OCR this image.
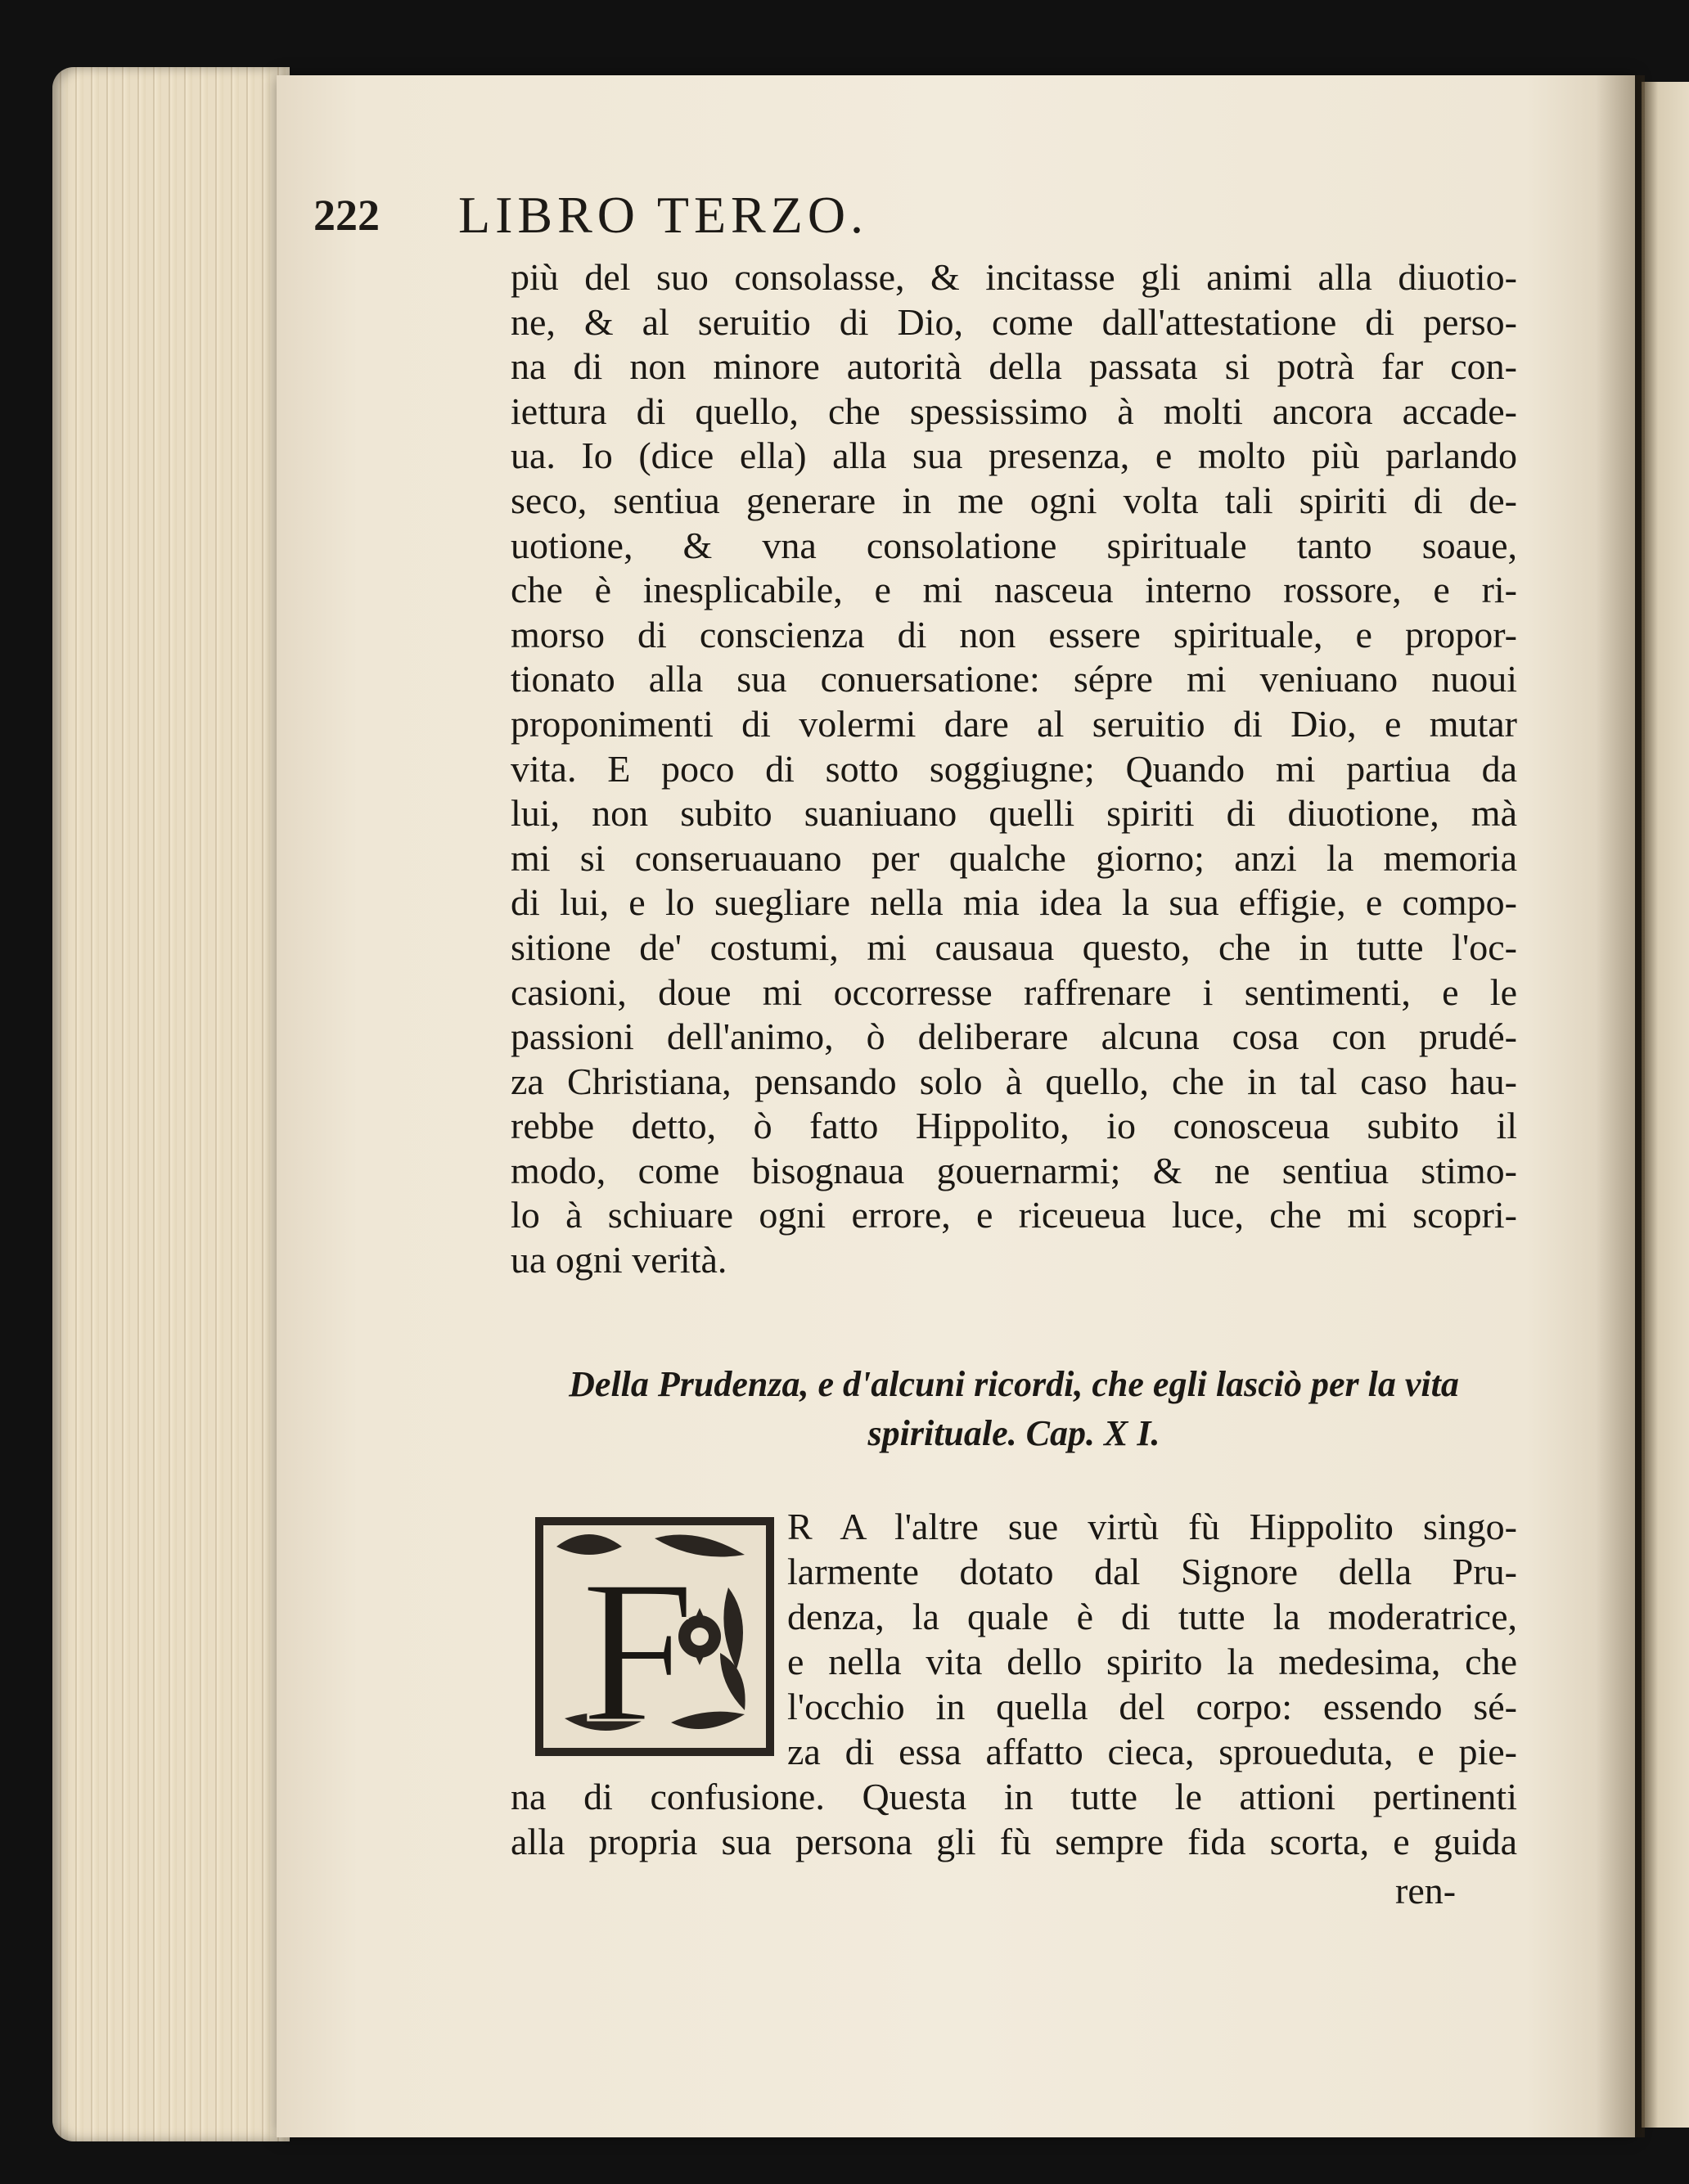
222 LIBRO TERZO.
più del suo consolasse, & incitasse gli animi alla diuotio-
ne, & al seruitio di Dio, come dall'attestatione di perso-
na di non minore autorità della passata si potrà far con-
iettura di quello, che spessissimo à molti ancora accade-
ua. Io (dice ella) alla sua presenza, e molto più parlando
seco, sentiua generare in me ogni volta tali spiriti di de-
uotione, & vna consolatione spirituale tanto soaue,
che è inesplicabile, e mi nasceua interno rossore, e ri-
morso di conscienza di non essere spirituale, e propor-
tionato alla sua conuersatione: sépre mi veniuano nuoui
proponimenti di volermi dare al seruitio di Dio, e mutar
vita. E poco di sotto soggiugne; Quando mi partiua da
lui, non subito suaniuano quelli spiriti di diuotione, mà
mi si conseruauano per qualche giorno; anzi la memoria
di lui, e lo suegliare nella mia idea la sua effigie, e compo-
sitione de' costumi, mi causaua questo, che in tutte l'oc-
casioni, doue mi occorresse raffrenare i sentimenti, e le
passioni dell'animo, ò deliberare alcuna cosa con prudé-
za Christiana, pensando solo à quello, che in tal caso hau-
rebbe detto, ò fatto Hippolito, io conosceua subito il
modo, come bisognaua gouernarmi; & ne sentiua stimo-
lo à schiuare ogni errore, e riceueua luce, che mi scopri-
ua ogni verità.
Della Prudenza, e d'alcuni ricordi, che egli lasciò per la vita
spirituale. Cap. X I.
F
R A l'altre sue virtù fù Hippolito singo-
larmente dotato dal Signore della Pru-
denza, la quale è di tutte la moderatrice,
e nella vita dello spirito la medesima, che
l'occhio in quella del corpo: essendo sé-
za di essa affatto cieca, sproueduta, e pie-
na di confusione. Questa in tutte le attioni pertinenti
alla propria sua persona gli fù sempre fida scorta, e guida
ren-
